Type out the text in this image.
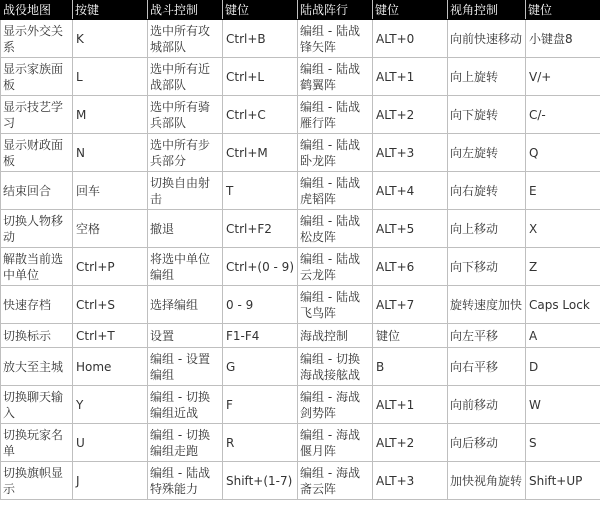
战役地图	按键	战斗控制	键位	陆战阵行	键位	视角控制	键位
显示外交关系	K	选中所有攻城部队	Ctrl+B	编组 - 陆战锋矢阵	ALT+0	向前快速移动	小键盘8
显示家族面板	L	选中所有近战部队	Ctrl+L	编组 - 陆战鹤翼阵	ALT+1	向上旋转	V/+
显示技艺学习	M	选中所有骑兵部队	Ctrl+C	编组 - 陆战雁行阵	ALT+2	向下旋转	C/-
显示财政面板	N	选中所有步兵部分	Ctrl+M	编组 - 陆战卧龙阵	ALT+3	向左旋转	Q
结束回合	回车	切换自由射击	T	编组 - 陆战虎韬阵	ALT+4	向右旋转	E
切换人物移动	空格	撤退	Ctrl+F2	编组 - 陆战松皮阵	ALT+5	向上移动	X
解散当前选中单位	Ctrl+P	将选中单位编组	Ctrl+(0 - 9)	编组 - 陆战云龙阵	ALT+6	向下移动	Z
快速存档	Ctrl+S	选择编组	0 - 9	编组 - 陆战飞鸟阵	ALT+7	旋转速度加快	Caps Lock
切换标示	Ctrl+T	设置	F1-F4	海战控制	键位	向左平移	A
放大至主城	Home	编组 - 设置编组	G	编组 - 切换海战接舷战	B	向右平移	D
切换聊天输入	Y	编组 - 切换编组近战	F	编组 - 海战剑势阵	ALT+1	向前移动	W
切换玩家名单	U	编组 - 切换编组走跑	R	编组 - 海战偃月阵	ALT+2	向后移动	S
切换旗帜显示	J	编组 - 陆战特殊能力	Shift+(1-7)	编组 - 海战斋云阵	ALT+3	加快视角旋转	Shift+UP
